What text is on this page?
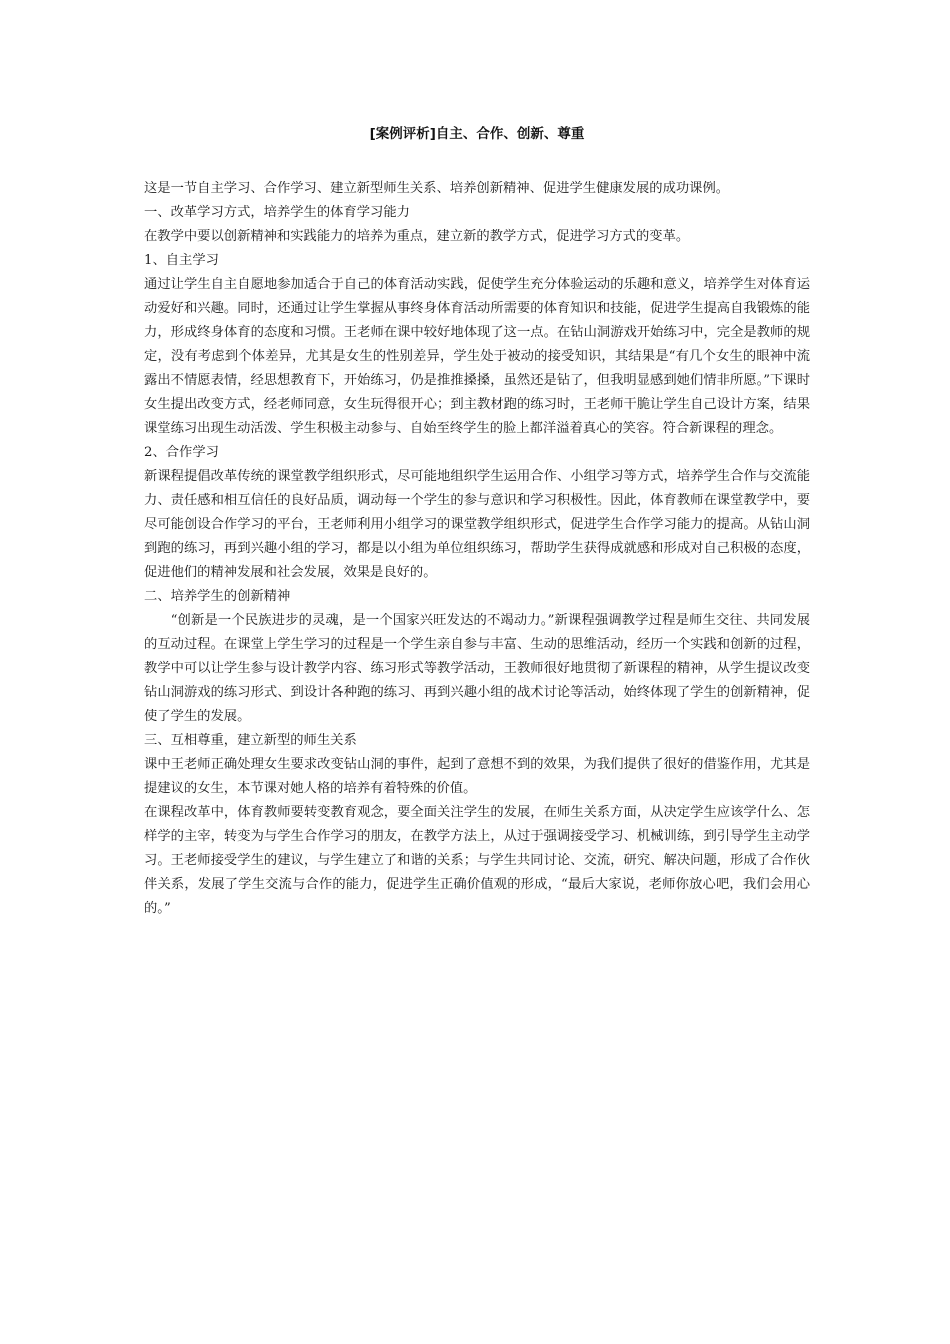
[案例评析]自主、合作、创新、尊重

这是一节自主学习、合作学习、建立新型师生关系、培养创新精神、促进学生健康发展的成功课例。

一、改革学习方式，培养学生的体育学习能力

在教学中要以创新精神和实践能力的培养为重点，建立新的教学方式，促进学习方式的变革。

1、自主学习

通过让学生自主自愿地参加适合于自己的体育活动实践，促使学生充分体验运动的乐趣和意义，培养学生对体育运动爱好和兴趣。同时，还通过让学生掌握从事终身体育活动所需要的体育知识和技能，促进学生提高自我锻炼的能力，形成终身体育的态度和习惯。王老师在课中较好地体现了这一点。在钻山洞游戏开始练习中，完全是教师的规定，没有考虑到个体差异，尤其是女生的性别差异，学生处于被动的接受知识，其结果是“有几个女生的眼神中流露出不情愿表情，经思想教育下，开始练习，仍是推推搡搡，虽然还是钻了，但我明显感到她们情非所愿。”下课时女生提出改变方式，经老师同意，女生玩得很开心；到主教材跑的练习时，王老师干脆让学生自己设计方案，结果课堂练习出现生动活泼、学生积极主动参与、自始至终学生的脸上都洋溢着真心的笑容。符合新课程的理念。

2、合作学习

新课程提倡改革传统的课堂教学组织形式，尽可能地组织学生运用合作、小组学习等方式，培养学生合作与交流能力、责任感和相互信任的良好品质，调动每一个学生的参与意识和学习积极性。因此，体育教师在课堂教学中，要尽可能创设合作学习的平台，王老师利用小组学习的课堂教学组织形式，促进学生合作学习能力的提高。从钻山洞到跑的练习，再到兴趣小组的学习，都是以小组为单位组织练习，帮助学生获得成就感和形成对自己积极的态度，促进他们的精神发展和社会发展，效果是良好的。

二、培养学生的创新精神

“创新是一个民族进步的灵魂，是一个国家兴旺发达的不竭动力。”新课程强调教学过程是师生交往、共同发展的互动过程。在课堂上学生学习的过程是一个学生亲自参与丰富、生动的思维活动，经历一个实践和创新的过程，教学中可以让学生参与设计教学内容、练习形式等教学活动，王教师很好地贯彻了新课程的精神，从学生提议改变钻山洞游戏的练习形式、到设计各种跑的练习、再到兴趣小组的战术讨论等活动，始终体现了学生的创新精神，促使了学生的发展。

三、互相尊重，建立新型的师生关系

课中王老师正确处理女生要求改变钻山洞的事件，起到了意想不到的效果，为我们提供了很好的借鉴作用，尤其是提建议的女生，本节课对她人格的培养有着特殊的价值。

在课程改革中，体育教师要转变教育观念，要全面关注学生的发展，在师生关系方面，从决定学生应该学什么、怎样学的主宰，转变为与学生合作学习的朋友，在教学方法上，从过于强调接受学习、机械训练，到引导学生主动学习。王老师接受学生的建议，与学生建立了和谐的关系；与学生共同讨论、交流，研究、解决问题，形成了合作伙伴关系，发展了学生交流与合作的能力，促进学生正确价值观的形成，“最后大家说，老师你放心吧，我们会用心的。”
